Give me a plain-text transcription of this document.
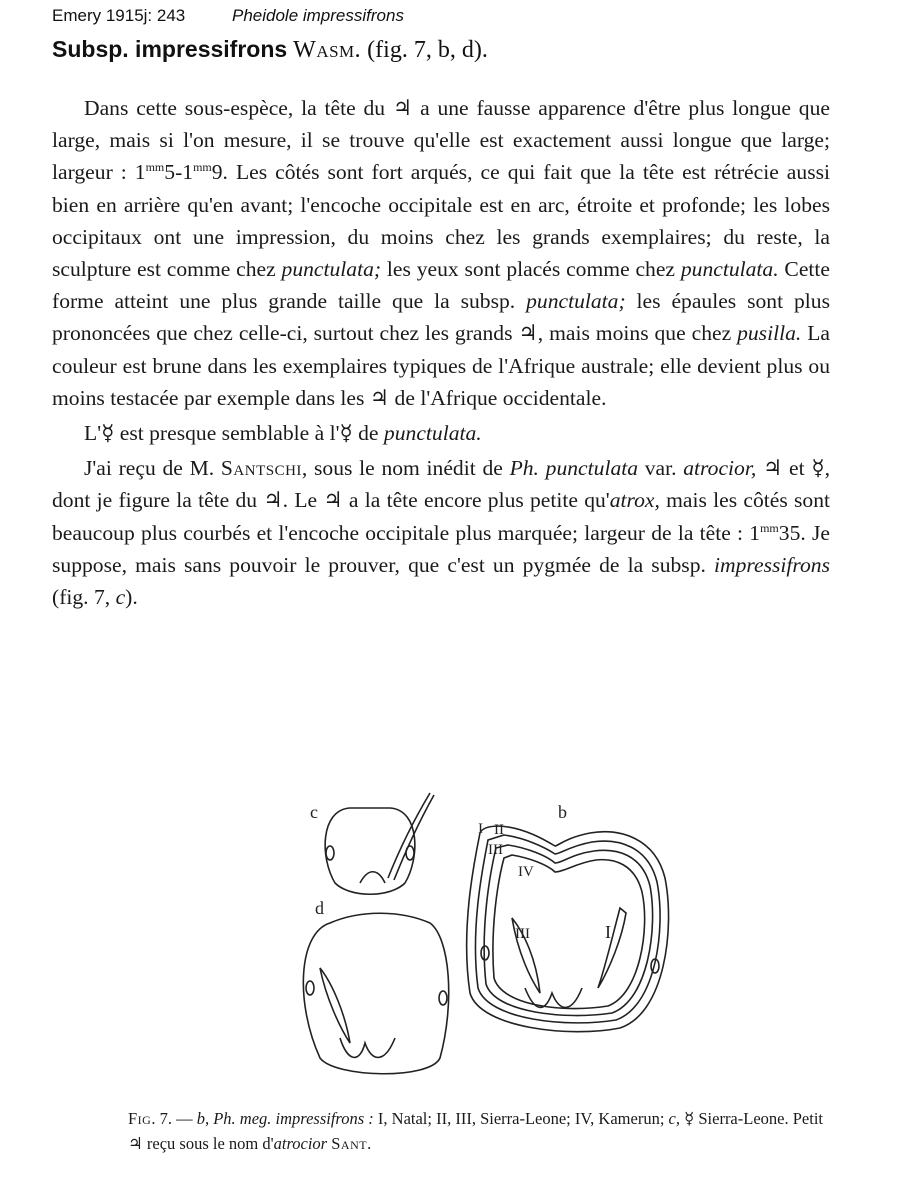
Emery 1915j: 243	Pheidole impressifrons
Subsp. impressifrons Wasm. (fig. 7, b, d).

Dans cette sous-espèce, la tête du ♃ a une fausse apparence d'être plus longue que large, mais si l'on mesure, il se trouve qu'elle est exactement aussi longue que large; largeur : $1^{mm}5-1^{mm}9$. Les côtés sont fort arqués, ce qui fait que la tête est rétrécie aussi bien en arrière qu'en avant; l'encoche occipitale est en arc, étroite et profonde; les lobes occipitaux ont une impression, du moins chez les grands exemplaires; du reste, la sculpture est comme chez punctulata; les yeux sont placés comme chez punctulata. Cette forme atteint une plus grande taille que la subsp. punctulata; les épaules sont plus prononcées que chez celle-ci, surtout chez les grands ♃, mais moins que chez pusilla. La couleur est brune dans les exemplaires typiques de l'Afrique australe; elle devient plus ou moins testacée par exemple dans les ♃ de l'Afrique occidentale.

L'☿ est presque semblable à l'☿ de punctulata.

J'ai reçu de M. Santschi, sous le nom inédit de Ph. punctulata var. atrocior, ♃ et ☿, dont je figure la tête du ♃. Le ♃ a la tête encore plus petite qu'atrox, mais les côtés sont beaucoup plus courbés et l'encoche occipitale plus marquée; largeur de la tête : $1^{mm}35$. Je suppose, mais sans pouvoir le prouver, que c'est un pygmée de la subsp. impressifrons (fig. 7, c).

c
d
b
I II
III
IV
III	I
Fig. 7. — b, Ph. meg. impressifrons : I, Natal; II, III, Sierra-Leone; IV, Kamerun; c, ☿ Sierra-Leone. Petit ♃ reçu sous le nom d'atrocior Sant.
